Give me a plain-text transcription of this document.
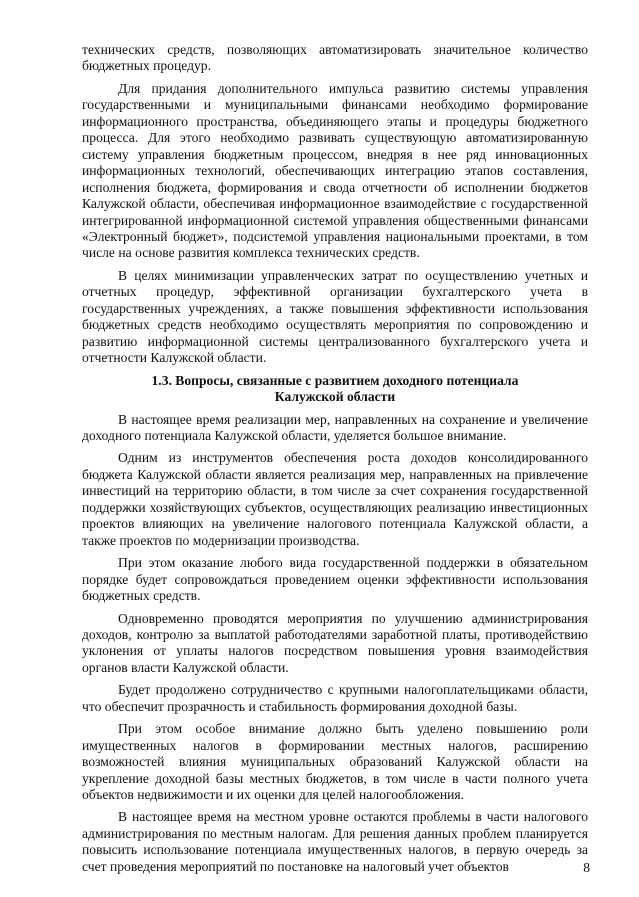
технических средств, позволяющих автоматизировать значительное количество бюджетных процедур.

Для придания дополнительного импульса развитию системы управления государственными и муниципальными финансами необходимо формирование информационного пространства, объединяющего этапы и процедуры бюджетного процесса. Для этого необходимо развивать существующую автоматизированную систему управления бюджетным процессом, внедряя в нее ряд инновационных информационных технологий, обеспечивающих интеграцию этапов составления, исполнения бюджета, формирования и свода отчетности об исполнении бюджетов Калужской области, обеспечивая информационное взаимодействие с государственной интегрированной информационной системой управления общественными финансами «Электронный бюджет», подсистемой управления национальными проектами, в том числе на основе развития комплекса технических средств.

В целях минимизации управленческих затрат по осуществлению учетных и отчетных процедур, эффективной организации бухгалтерского учета в государственных учреждениях, а также повышения эффективности использования бюджетных средств необходимо осуществлять мероприятия по сопровождению и развитию информационной системы централизованного бухгалтерского учета и отчетности Калужской области.

1.3. Вопросы, связанные с развитием доходного потенциала
Калужской области

В настоящее время реализации мер, направленных на сохранение и увеличение доходного потенциала Калужской области, уделяется большое внимание.

Одним из инструментов обеспечения роста доходов консолидированного бюджета Калужской области является реализация мер, направленных на привлечение инвестиций на территорию области, в том числе за счет сохранения государственной поддержки хозяйствующих субъектов, осуществляющих реализацию инвестиционных проектов влияющих на увеличение налогового потенциала Калужской области, а также проектов по модернизации производства.

При этом оказание любого вида государственной поддержки в обязательном порядке будет сопровождаться проведением оценки эффективности использования бюджетных средств.

Одновременно проводятся мероприятия по улучшению администрирования доходов, контролю за выплатой работодателями заработной платы, противодействию уклонения от уплаты налогов посредством повышения уровня взаимодействия органов власти Калужской области.

Будет продолжено сотрудничество с крупными налогоплательщиками области, что обеспечит прозрачность и стабильность формирования доходной базы.

При этом особое внимание должно быть уделено повышению роли имущественных налогов в формировании местных налогов, расширению возможностей влияния муниципальных образований Калужской области на укрепление доходной базы местных бюджетов, в том числе в части полного учета объектов недвижимости и их оценки для целей налогообложения.

В настоящее время на местном уровне остаются проблемы в части налогового администрирования по местным налогам. Для решения данных проблем планируется повысить использование потенциала имущественных налогов, в первую очередь за счет проведения мероприятий по постановке на налоговый учет объектов	8
